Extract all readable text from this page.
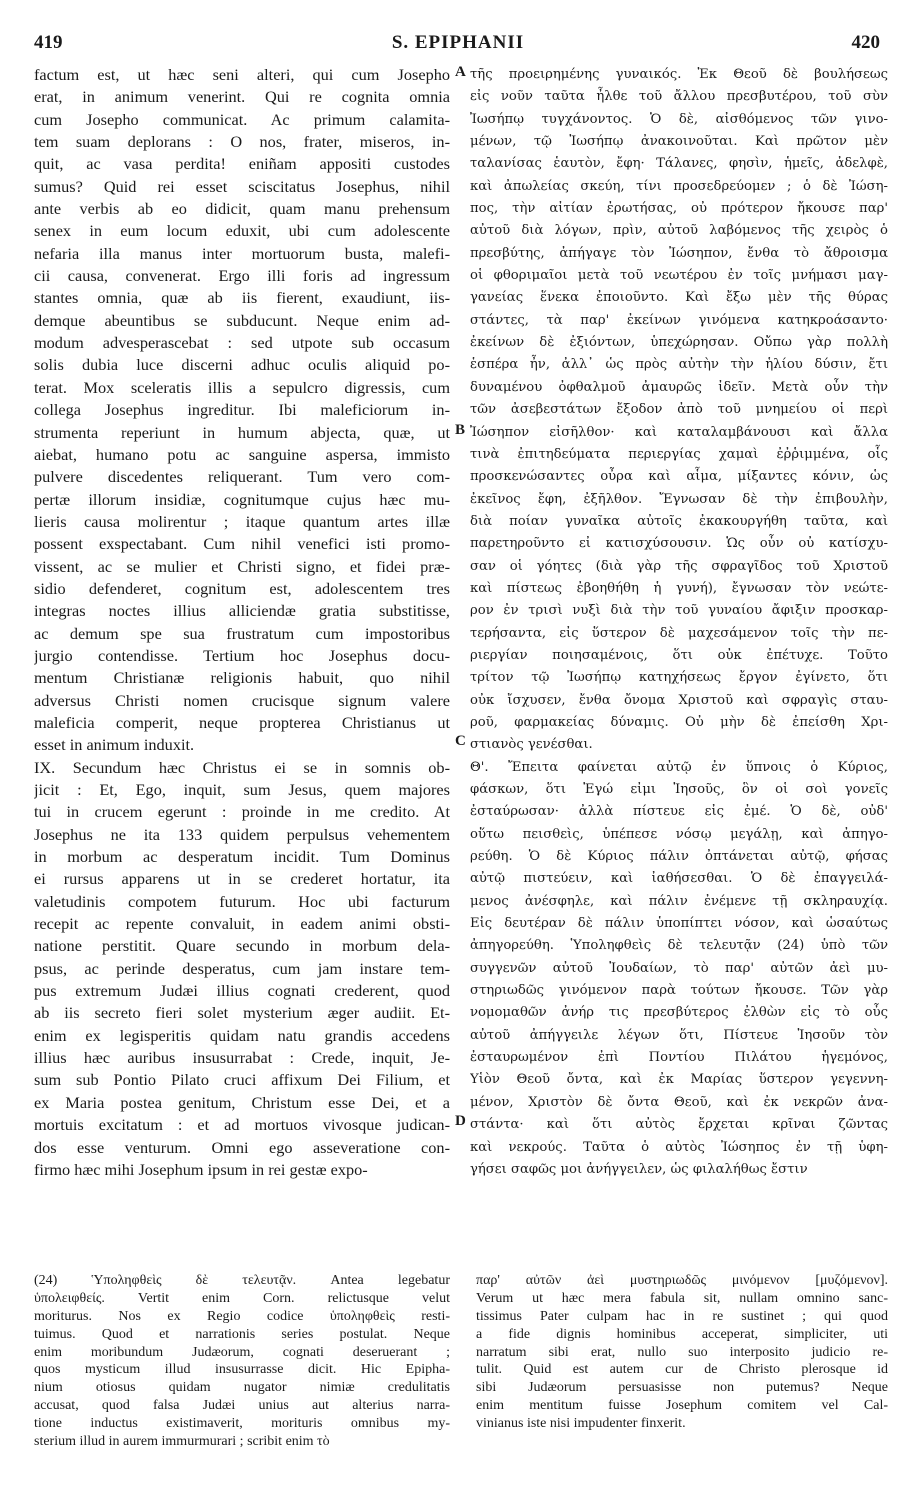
419	S. EPIPHANII	420

factum est, ut hæc seni alteri, qui cum Josepho

erat, in animum venerint. Qui re cognita omnia

cum Josepho communicat. Ac primum calamita-

tem suam deplorans : O nos, frater, miseros, in-

quit, ac vasa perdita! eniñam appositi custodes

sumus? Quid rei esset sciscitatus Josephus, nihil

ante verbis ab eo didicit, quam manu prehensum

senex in eum locum eduxit, ubi cum adolescente

nefaria illa manus inter mortuorum busta, malefi-

cii causa, convenerat. Ergo illi foris ad ingressum

stantes omnia, quæ ab iis fierent, exaudiunt, iis-

demque abeuntibus se subducunt. Neque enim ad-

modum advesperascebat : sed utpote sub occasum

solis dubia luce discerni adhuc oculis aliquid po-

terat. Mox sceleratis illis a sepulcro digressis, cum

collega Josephus ingreditur. Ibi maleficiorum in-

strumenta reperiunt in humum abjecta, quæ, ut

aiebat, humano potu ac sanguine aspersa, immisto

pulvere discedentes reliquerant. Tum vero com-

pertæ illorum insidiæ, cognitumque cujus hæc mu-

lieris causa molirentur ; itaque quantum artes illæ

possent exspectabant. Cum nihil venefici isti promo-

vissent, ac se mulier et Christi signo, et fidei præ-

sidio defenderet, cognitum est, adolescentem tres

integras noctes illius alliciendæ gratia substitisse,

ac demum spe sua frustratum cum impostoribus

jurgio contendisse. Tertium hoc Josephus docu-

mentum Christianæ religionis habuit, quo nihil

adversus Christi nomen crucisque signum valere

maleficia comperit, neque propterea Christianus ut

esset in animum induxit.

IX. Secundum hæc Christus ei se in somnis ob-

jicit : Et, Ego, inquit, sum Jesus, quem majores

tui in crucem egerunt : proinde in me credito. At

Josephus ne ita 133 quidem perpulsus vehementem

in morbum ac desperatum incidit. Tum Dominus

ei rursus apparens ut in se crederet hortatur, ita

valetudinis compotem futurum. Hoc ubi facturum

recepit ac repente convaluit, in eadem animi obsti-

natione perstitit. Quare secundo in morbum dela-

psus, ac perinde desperatus, cum jam instare tem-

pus extremum Judæi illius cognati crederent, quod

ab iis secreto fieri solet mysterium æger audiit. Et-

enim ex legisperitis quidam natu grandis accedens

illius hæc auribus insusurrabat : Crede, inquit, Je-

sum sub Pontio Pilato cruci affixum Dei Filium, et

ex Maria postea genitum, Christum esse Dei, et a

mortuis excitatum : et ad mortuos vivosque judican-

dos esse venturum. Omni ego asseveratione con-

firmo hæc mihi Josephum ipsum in rei gestæ expo-

τῆς προειρημένης γυναικός. Ἐκ Θεοῦ δὲ βουλήσεως

εἰς νοῦν ταῦτα ἦλθε τοῦ ἄλλου πρεσβυτέρου, τοῦ σὺν

Ἰωσήπῳ τυγχάνοντος. Ὁ δὲ, αἰσθόμενος τῶν γινο-

μένων, τῷ Ἰωσήπῳ ἀνακοινοῦται. Καὶ πρῶτον μὲν

ταλανίσας ἑαυτὸν, ἔφη· Τάλανες, φησὶν, ἡμεῖς, ἀδελφὲ,

καὶ ἀπωλείας σκεύη, τίνι προσεδρεύομεν ; ὁ δὲ Ἰώση-

πος, τὴν αἰτίαν ἐρωτήσας, οὐ πρότερον ἤκουσε παρ'

αὐτοῦ διὰ λόγων, πρὶν, αὐτοῦ λαβόμενος τῆς χειρὸς ὁ

πρεσβύτης, ἀπήγαγε τὸν Ἰώσηπον, ἔνθα τὸ ἄθροισμα

οἱ φθοριμαῖοι μετὰ τοῦ νεωτέρου ἐν τοῖς μνήμασι μαγ-

γανείας ἕνεκα ἐποιοῦντο. Καὶ ἔξω μὲν τῆς θύρας

στάντες, τὰ παρ' ἐκείνων γινόμενα κατηκροάσαντο·

ἐκείνων δὲ ἐξιόντων, ὑπεχώρησαν. Οὔπω γὰρ πολλὴ

ἑσπέρα ἦν, ἀλλ᾽ ὡς πρὸς αὐτὴν τὴν ἡλίου δύσιν, ἔτι

δυναμένου ὀφθαλμοῦ ἀμαυρῶς ἰδεῖν. Μετὰ οὖν τὴν

τῶν ἀσεβεστάτων ἔξοδον ἀπὸ τοῦ μνημείου οἱ περὶ

Ἰώσηπον εἰσῆλθον· καὶ καταλαμβάνουσι καὶ ἄλλα

τινὰ ἐπιτηδεύματα περιεργίας χαμαὶ ἐῤῥιμμένα, οἷς

προσκενώσαντες οὖρα καὶ αἷμα, μίξαντες κόνιν, ὡς

ἐκεῖνος ἔφη, ἐξῆλθον. Ἔγνωσαν δὲ τὴν ἐπιβουλὴν,

διὰ ποίαν γυναῖκα αὐτοῖς ἐκακουργήθη ταῦτα, καὶ

παρετηροῦντο εἰ κατισχύσουσιν. Ὡς οὖν οὐ κατίσχυ-

σαν οἱ γόητες (διὰ γὰρ τῆς σφραγῖδος τοῦ Χριστοῦ

καὶ πίστεως ἐβοηθήθη ἡ γυνή), ἔγνωσαν τὸν νεώτε-

ρον ἐν τρισὶ νυξὶ διὰ τὴν τοῦ γυναίου ἄφιξιν προσκαρ-

τερήσαντα, εἰς ὕστερον δὲ μαχεσάμενον τοῖς τὴν πε-

ριεργίαν ποιησαμένοις, ὅτι οὐκ ἐπέτυχε. Τοῦτο

τρίτον τῷ Ἰωσήπῳ κατηχήσεως ἔργον ἐγίνετο, ὅτι

οὐκ ἴσχυσεν, ἔνθα ὄνομα Χριστοῦ καὶ σφραγὶς σταυ-

ροῦ, φαρμακείας δύναμις. Οὐ μὴν δὲ ἐπείσθη Χρι-

στιανὸς γενέσθαι.

Θ'. Ἔπειτα φαίνεται αὐτῷ ἐν ὕπνοις ὁ Κύριος,

φάσκων, ὅτι Ἐγώ εἰμι Ἰησοῦς, ὃν οἱ σοὶ γονεῖς

ἐσταύρωσαν· ἀλλὰ πίστευε εἰς ἐμέ. Ὁ δὲ, οὐδ'

οὕτω πεισθεὶς, ὑπέπεσε νόσῳ μεγάλῃ, καὶ ἀπηγο-

ρεύθη. Ὁ δὲ Κύριος πάλιν ὀπτάνεται αὐτῷ, φήσας

αὐτῷ πιστεύειν, καὶ ἰαθήσεσθαι. Ὁ δὲ ἐπαγγειλά-

μενος ἀνέσφηλε, καὶ πάλιν ἐνέμενε τῇ σκληραυχίᾳ.

Εἰς δευτέραν δὲ πάλιν ὑποπίπτει νόσον, καὶ ὡσαύτως

ἀπηγορεύθη. Ὑποληφθεὶς δὲ τελευτᾷν (24) ὑπὸ τῶν

συγγενῶν αὐτοῦ Ἰουδαίων, τὸ παρ' αὐτῶν ἀεὶ μυ-

στηριωδῶς γινόμενον παρὰ τούτων ἤκουσε. Τῶν γὰρ

νομομαθῶν ἀνήρ τις πρεσβύτερος ἐλθὼν εἰς τὸ οὖς

αὐτοῦ ἀπήγγειλε λέγων ὅτι, Πίστευε Ἰησοῦν τὸν

ἐσταυρωμένον ἐπὶ Ποντίου Πιλάτου ἡγεμόνος,

Υἱὸν Θεοῦ ὄντα, καὶ ἐκ Μαρίας ὕστερον γεγεννη-

μένον, Χριστὸν δὲ ὄντα Θεοῦ, καὶ ἐκ νεκρῶν ἀνα-

στάντα· καὶ ὅτι αὐτὸς ἔρχεται κρῖναι ζῶντας

καὶ νεκρούς. Ταῦτα ὁ αὐτὸς Ἰώσηπος ἐν τῇ ὑφη-

γήσει σαφῶς μοι ἀνήγγειλεν, ὡς φιλαλήθως ἔστιν

A
B
C
D

(24) Ὑποληφθεὶς δὲ τελευτᾷν. Antea legebatur

ὑπολειφθείς. Vertit enim Corn. relictusque velut

moriturus. Nos ex Regio codice ὑποληφθεὶς resti-

tuimus. Quod et narrationis series postulat. Neque

enim moribundum Judæorum, cognati deseruerant ;

quos mysticum illud insusurrasse dicit. Hic Epipha-

nium otiosus quidam nugator nimiæ credulitatis

accusat, quod falsa Judæi unius aut alterius narra-

tione inductus existimaverit, morituris omnibus my-

sterium illud in aurem immurmurari ; scribit enim τὸ

παρ' αὐτῶν ἀεὶ μυστηριωδῶς μινόμενον [μυζόμενον].

Verum ut hæc mera fabula sit, nullam omnino sanc-

tissimus Pater culpam hac in re sustinet ; qui quod

a fide dignis hominibus acceperat, simpliciter, uti

narratum sibi erat, nullo suo interposito judicio re-

tulit. Quid est autem cur de Christo plerosque id

sibi Judæorum persuasisse non putemus? Neque

enim mentitum fuisse Josephum comitem vel Cal-

vinianus iste nisi impudenter finxerit.
